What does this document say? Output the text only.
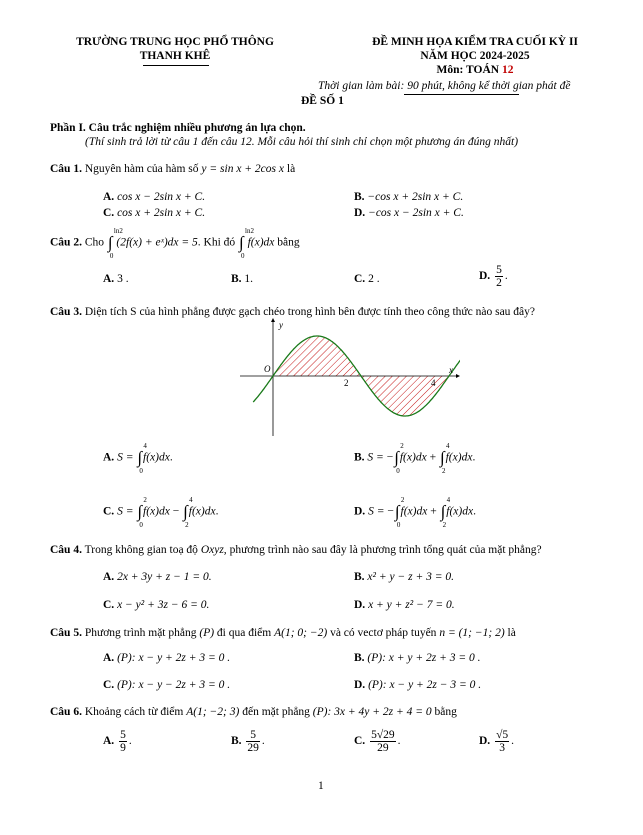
TRƯỜNG TRUNG HỌC PHỔ THÔNG
THANH KHÊ
ĐỀ MINH HỌA KIỂM TRA CUỐI KỲ II
NĂM HỌC 2024-2025
Môn: TOÁN 12
Thời gian làm bài: 90 phút, không kể thời gian phát đề
ĐỀ SỐ 1
Phần I. Câu trắc nghiệm nhiều phương án lựa chọn.
(Thí sinh trả lời từ câu 1 đến câu 12. Mỗi câu hỏi thí sinh chỉ chọn một phương án đúng nhất)
Câu 1. Nguyên hàm của hàm số y = sin x + 2cos x là
A. cos x − 2sin x + C.	B. −cos x + 2sin x + C.
C. cos x + 2sin x + C.	D. −cos x − 2sin x + C.
Câu 2. Cho ∫
ln2
0
(2f(x) + eˣ)dx = 5. Khi đó ∫
ln2
0
f(x)dx bằng
A. 3 .	B. 1.	C. 2 .	D. $\frac{5}{2}$ .
Câu 3. Diện tích S của hình phẳng được gạch chéo trong hình bên được tính theo công thức nào sau đây?
y
x
O
2	4
A. S = ∫
4
0
f(x)dx.	B. S = −∫
2
0
f(x)dx + ∫
4
2
f(x)dx.
C. S = ∫
2
0
f(x)dx − ∫
4
2
f(x)dx.	D. S = −∫
2
0
f(x)dx + ∫
4
2
f(x)dx.
Câu 4. Trong không gian toạ độ Oxyz, phương trình nào sau đây là phương trình tổng quát của mặt phẳng?
A. 2x + 3y + z − 1 = 0.	B. x² + y − z + 3 = 0.
C. x − y² + 3z − 6 = 0.	D. x + y + z² − 7 = 0.
Câu 5. Phương trình mặt phẳng (P) đi qua điểm A(1; 0; −2) và có vectơ pháp tuyến n = (1; −1; 2) là
A. (P): x − y + 2z + 3 = 0 .	B. (P): x + y + 2z + 3 = 0 .
C. (P): x − y − 2z + 3 = 0 .	D. (P): x − y + 2z − 3 = 0 .
Câu 6. Khoảng cách từ điểm A(1; −2; 3) đến mặt phẳng (P): 3x + 4y + 2z + 4 = 0 bằng
A. $\frac{5}{9}$ .	B. $\frac{5}{29}$ .	C. $\frac{5√29}{29}$ .	D. $\frac{√5}{3}$ .
1
